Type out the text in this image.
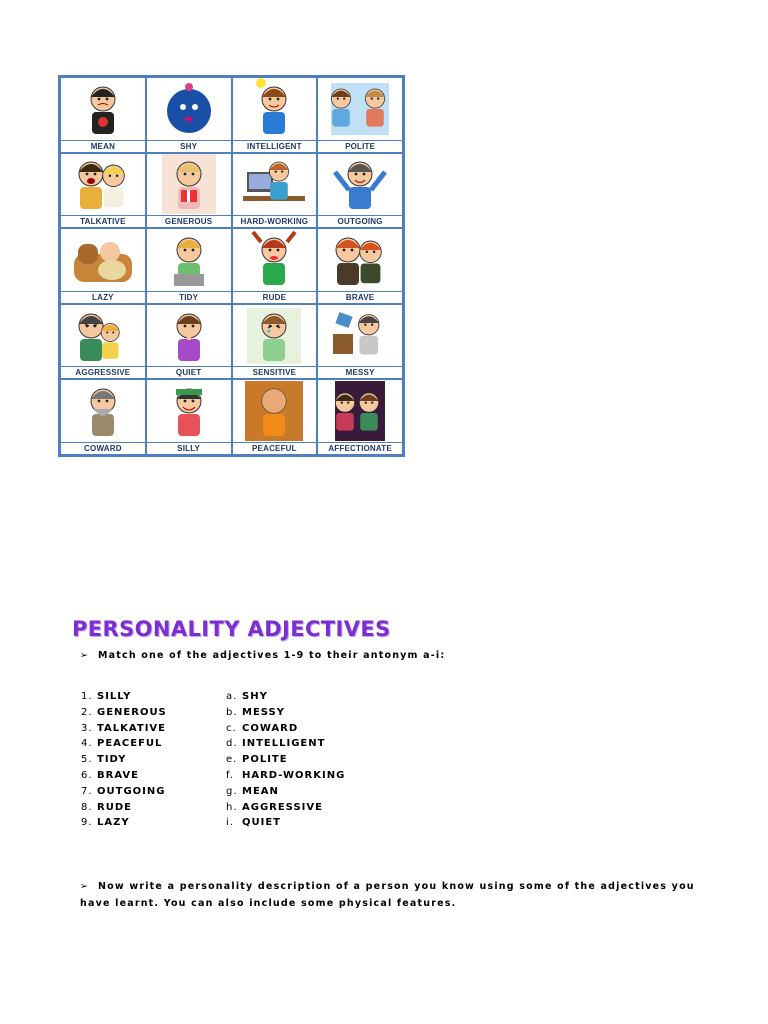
MEAN	SHY	INTELLIGENT	POLITE
TALKATIVE	GENEROUS	HARD-WORKING	OUTGOING
LAZY	TIDY	RUDE	BRAVE
AGGRESSIVE	QUIET	SENSITIVE	MESSY
COWARD	SILLY	PEACEFUL	AFFECTIONATE
PERSONALITY ADJECTIVES
➢ Match one of the adjectives 1-9 to their antonym a-i:
1. SILLY
2. GENEROUS
3. TALKATIVE
4. PEACEFUL
5. TIDY
6. BRAVE
7. OUTGOING
8. RUDE
9. LAZY
a. SHY
b. MESSY
c. COWARD
d. INTELLIGENT
e. POLITE
f. HARD-WORKING
g. MEAN
h. AGGRESSIVE
i. QUIET
➢ Now write a personality description of a person you know using some of the adjectives you have learnt. You can also include some physical features.
